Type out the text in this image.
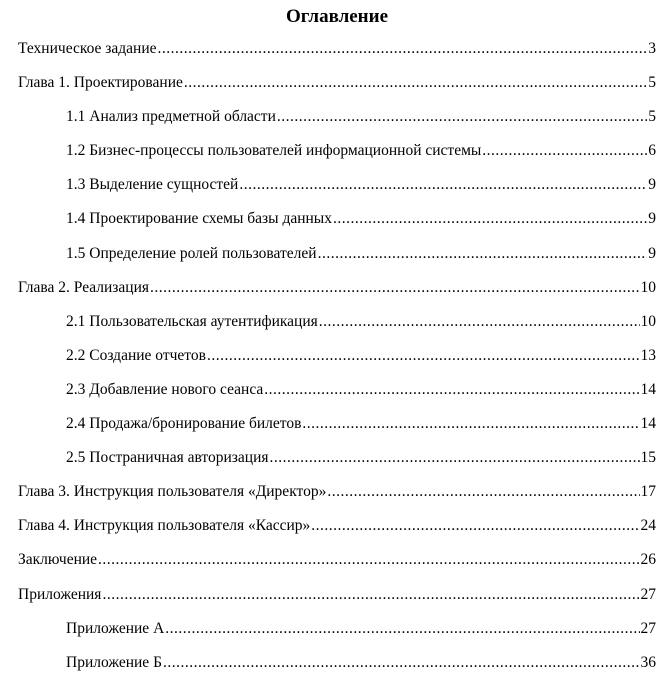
Оглавление
Техническое задание .....	3
Глава 1. Проектирование .....	5
1.1 Анализ предметной области .....	5
1.2 Бизнес-процессы пользователей информационной системы .....	6
1.3 Выделение сущностей .....	9
1.4 Проектирование схемы базы данных .....	9
1.5 Определение ролей пользователей .....	9
Глава 2. Реализация .....	10
2.1 Пользовательская аутентификация .....	10
2.2 Создание отчетов .....	13
2.3 Добавление нового сеанса .....	14
2.4 Продажа/бронирование билетов .....	14
2.5 Постраничная авторизация .....	15
Глава 3. Инструкция пользователя «Директор» .....	17
Глава 4. Инструкция пользователя «Кассир» .....	24
Заключение .....	26
Приложения .....	27
Приложение А .....	27
Приложение Б .....	36
